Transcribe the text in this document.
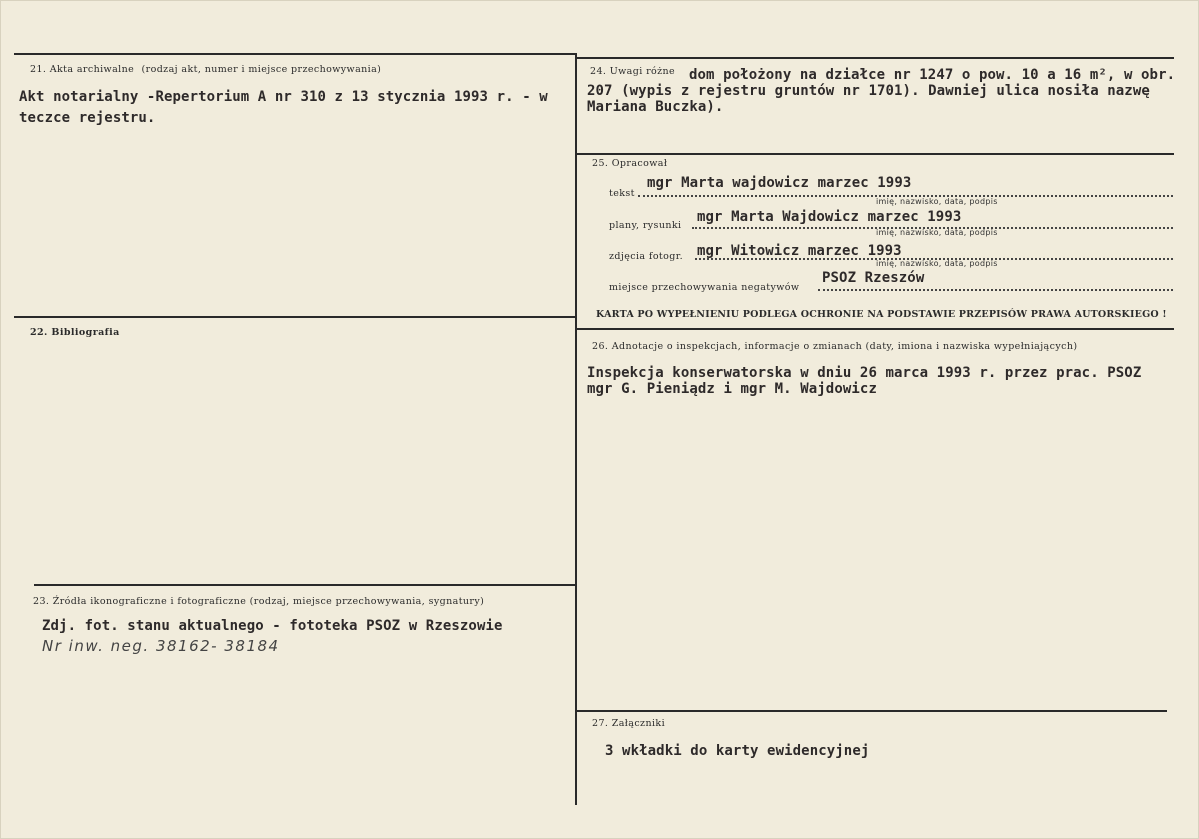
21. Akta archiwalne (rodzaj akt, numer i miejsce przechowywania)
Akt notarialny -Repertorium A nr 310 z 13 stycznia 1993 r. - w
teczce rejestru.
22. Bibliografia
23. Źródła ikonograficzne i fotograficzne (rodzaj, miejsce przechowywania, sygnatury)
Zdj. fot. stanu aktualnego - fototeka PSOZ w Rzeszowie
Nr inw. neg. 38162- 38184
24. Uwagi różne dom położony na działce nr 1247 o pow. 10 a 16 m², w obr.
207 (wypis z rejestru gruntów nr 1701). Dawniej ulica nosiła nazwę
Mariana Buczka).
25. Opracował
mgr Marta wajdowicz marzec 1993
tekst
imię, nazwisko, data, podpis
mgr Marta Wajdowicz marzec 1993
plany, rysunki
imię, nazwisko, data, podpis
mgr Witowicz marzec 1993
zdjęcia fotogr.
imię, nazwisko, data, podpis
PSOZ Rzeszów
miejsce przechowywania negatywów
KARTA PO WYPEŁNIENIU PODLEGA OCHRONIE NA PODSTAWIE PRZEPISÓW PRAWA AUTORSKIEGO !
26. Adnotacje o inspekcjach, informacje o zmianach (daty, imiona i nazwiska wypełniających)
Inspekcja konserwatorska w dniu 26 marca 1993 r. przez prac. PSOZ
mgr G. Pieniądz i mgr M. Wajdowicz
27. Załączniki
3 wkładki do karty ewidencyjnej
